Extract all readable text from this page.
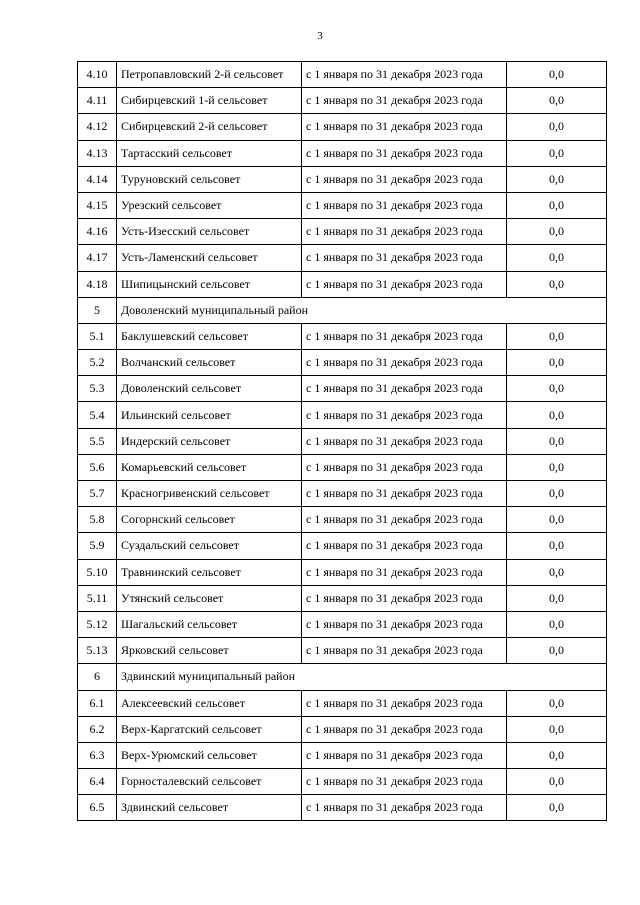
3
4.10	Петропавловский 2-й сельсовет	с 1 января по 31 декабря 2023 года	0,0
4.11	Сибирцевский 1-й сельсовет	с 1 января по 31 декабря 2023 года	0,0
4.12	Сибирцевский 2-й сельсовет	с 1 января по 31 декабря 2023 года	0,0
4.13	Тартасский сельсовет	с 1 января по 31 декабря 2023 года	0,0
4.14	Туруновский сельсовет	с 1 января по 31 декабря 2023 года	0,0
4.15	Урезский сельсовет	с 1 января по 31 декабря 2023 года	0,0
4.16	Усть-Изесский сельсовет	с 1 января по 31 декабря 2023 года	0,0
4.17	Усть-Ламенский сельсовет	с 1 января по 31 декабря 2023 года	0,0
4.18	Шипицынский сельсовет	с 1 января по 31 декабря 2023 года	0,0
5	Доволенский муниципальный район		
5.1	Баклушевский сельсовет	с 1 января по 31 декабря 2023 года	0,0
5.2	Волчанский сельсовет	с 1 января по 31 декабря 2023 года	0,0
5.3	Доволенский сельсовет	с 1 января по 31 декабря 2023 года	0,0
5.4	Ильинский сельсовет	с 1 января по 31 декабря 2023 года	0,0
5.5	Индерский сельсовет	с 1 января по 31 декабря 2023 года	0,0
5.6	Комарьевский сельсовет	с 1 января по 31 декабря 2023 года	0,0
5.7	Красногривенский сельсовет	с 1 января по 31 декабря 2023 года	0,0
5.8	Согорнский сельсовет	с 1 января по 31 декабря 2023 года	0,0
5.9	Суздальский сельсовет	с 1 января по 31 декабря 2023 года	0,0
5.10	Травнинский сельсовет	с 1 января по 31 декабря 2023 года	0,0
5.11	Утянский сельсовет	с 1 января по 31 декабря 2023 года	0,0
5.12	Шагальский сельсовет	с 1 января по 31 декабря 2023 года	0,0
5.13	Ярковский сельсовет	с 1 января по 31 декабря 2023 года	0,0
6	Здвинский муниципальный район		
6.1	Алексеевский сельсовет	с 1 января по 31 декабря 2023 года	0,0
6.2	Верх-Каргатский сельсовет	с 1 января по 31 декабря 2023 года	0,0
6.3	Верх-Урюмский сельсовет	с 1 января по 31 декабря 2023 года	0,0
6.4	Горносталевский сельсовет	с 1 января по 31 декабря 2023 года	0,0
6.5	Здвинский сельсовет	с 1 января по 31 декабря 2023 года	0,0
